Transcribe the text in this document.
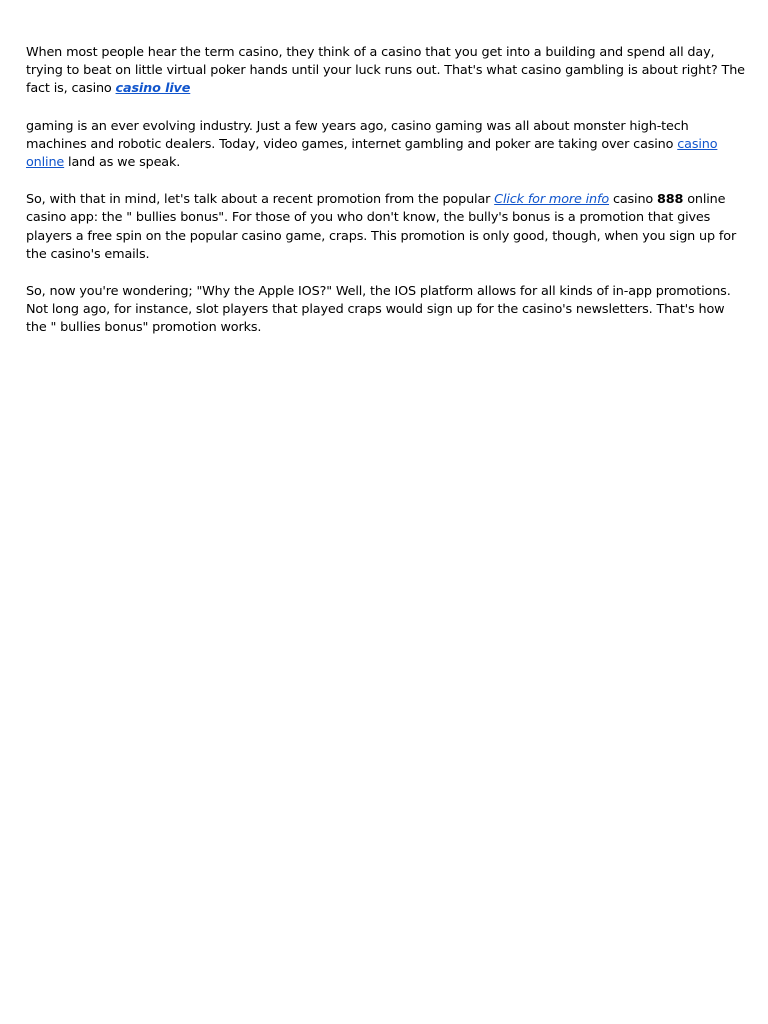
When most people hear the term casino, they think of a casino that you get into a building and spend all day, trying to beat on little virtual poker hands until your luck runs out. That's what casino gambling is about right? The fact is, casino casino live

gaming is an ever evolving industry. Just a few years ago, casino gaming was all about monster high-tech machines and robotic dealers. Today, video games, internet gambling and poker are taking over casino casino online land as we speak.

So, with that in mind, let's talk about a recent promotion from the popular Click for more info casino 888 online casino app: the " bullies bonus". For those of you who don't know, the bully's bonus is a promotion that gives players a free spin on the popular casino game, craps. This promotion is only good, though, when you sign up for the casino's emails.

So, now you're wondering; "Why the Apple IOS?" Well, the IOS platform allows for all kinds of in-app promotions. Not long ago, for instance, slot players that played craps would sign up for the casino's newsletters. That's how the " bullies bonus" promotion works.
